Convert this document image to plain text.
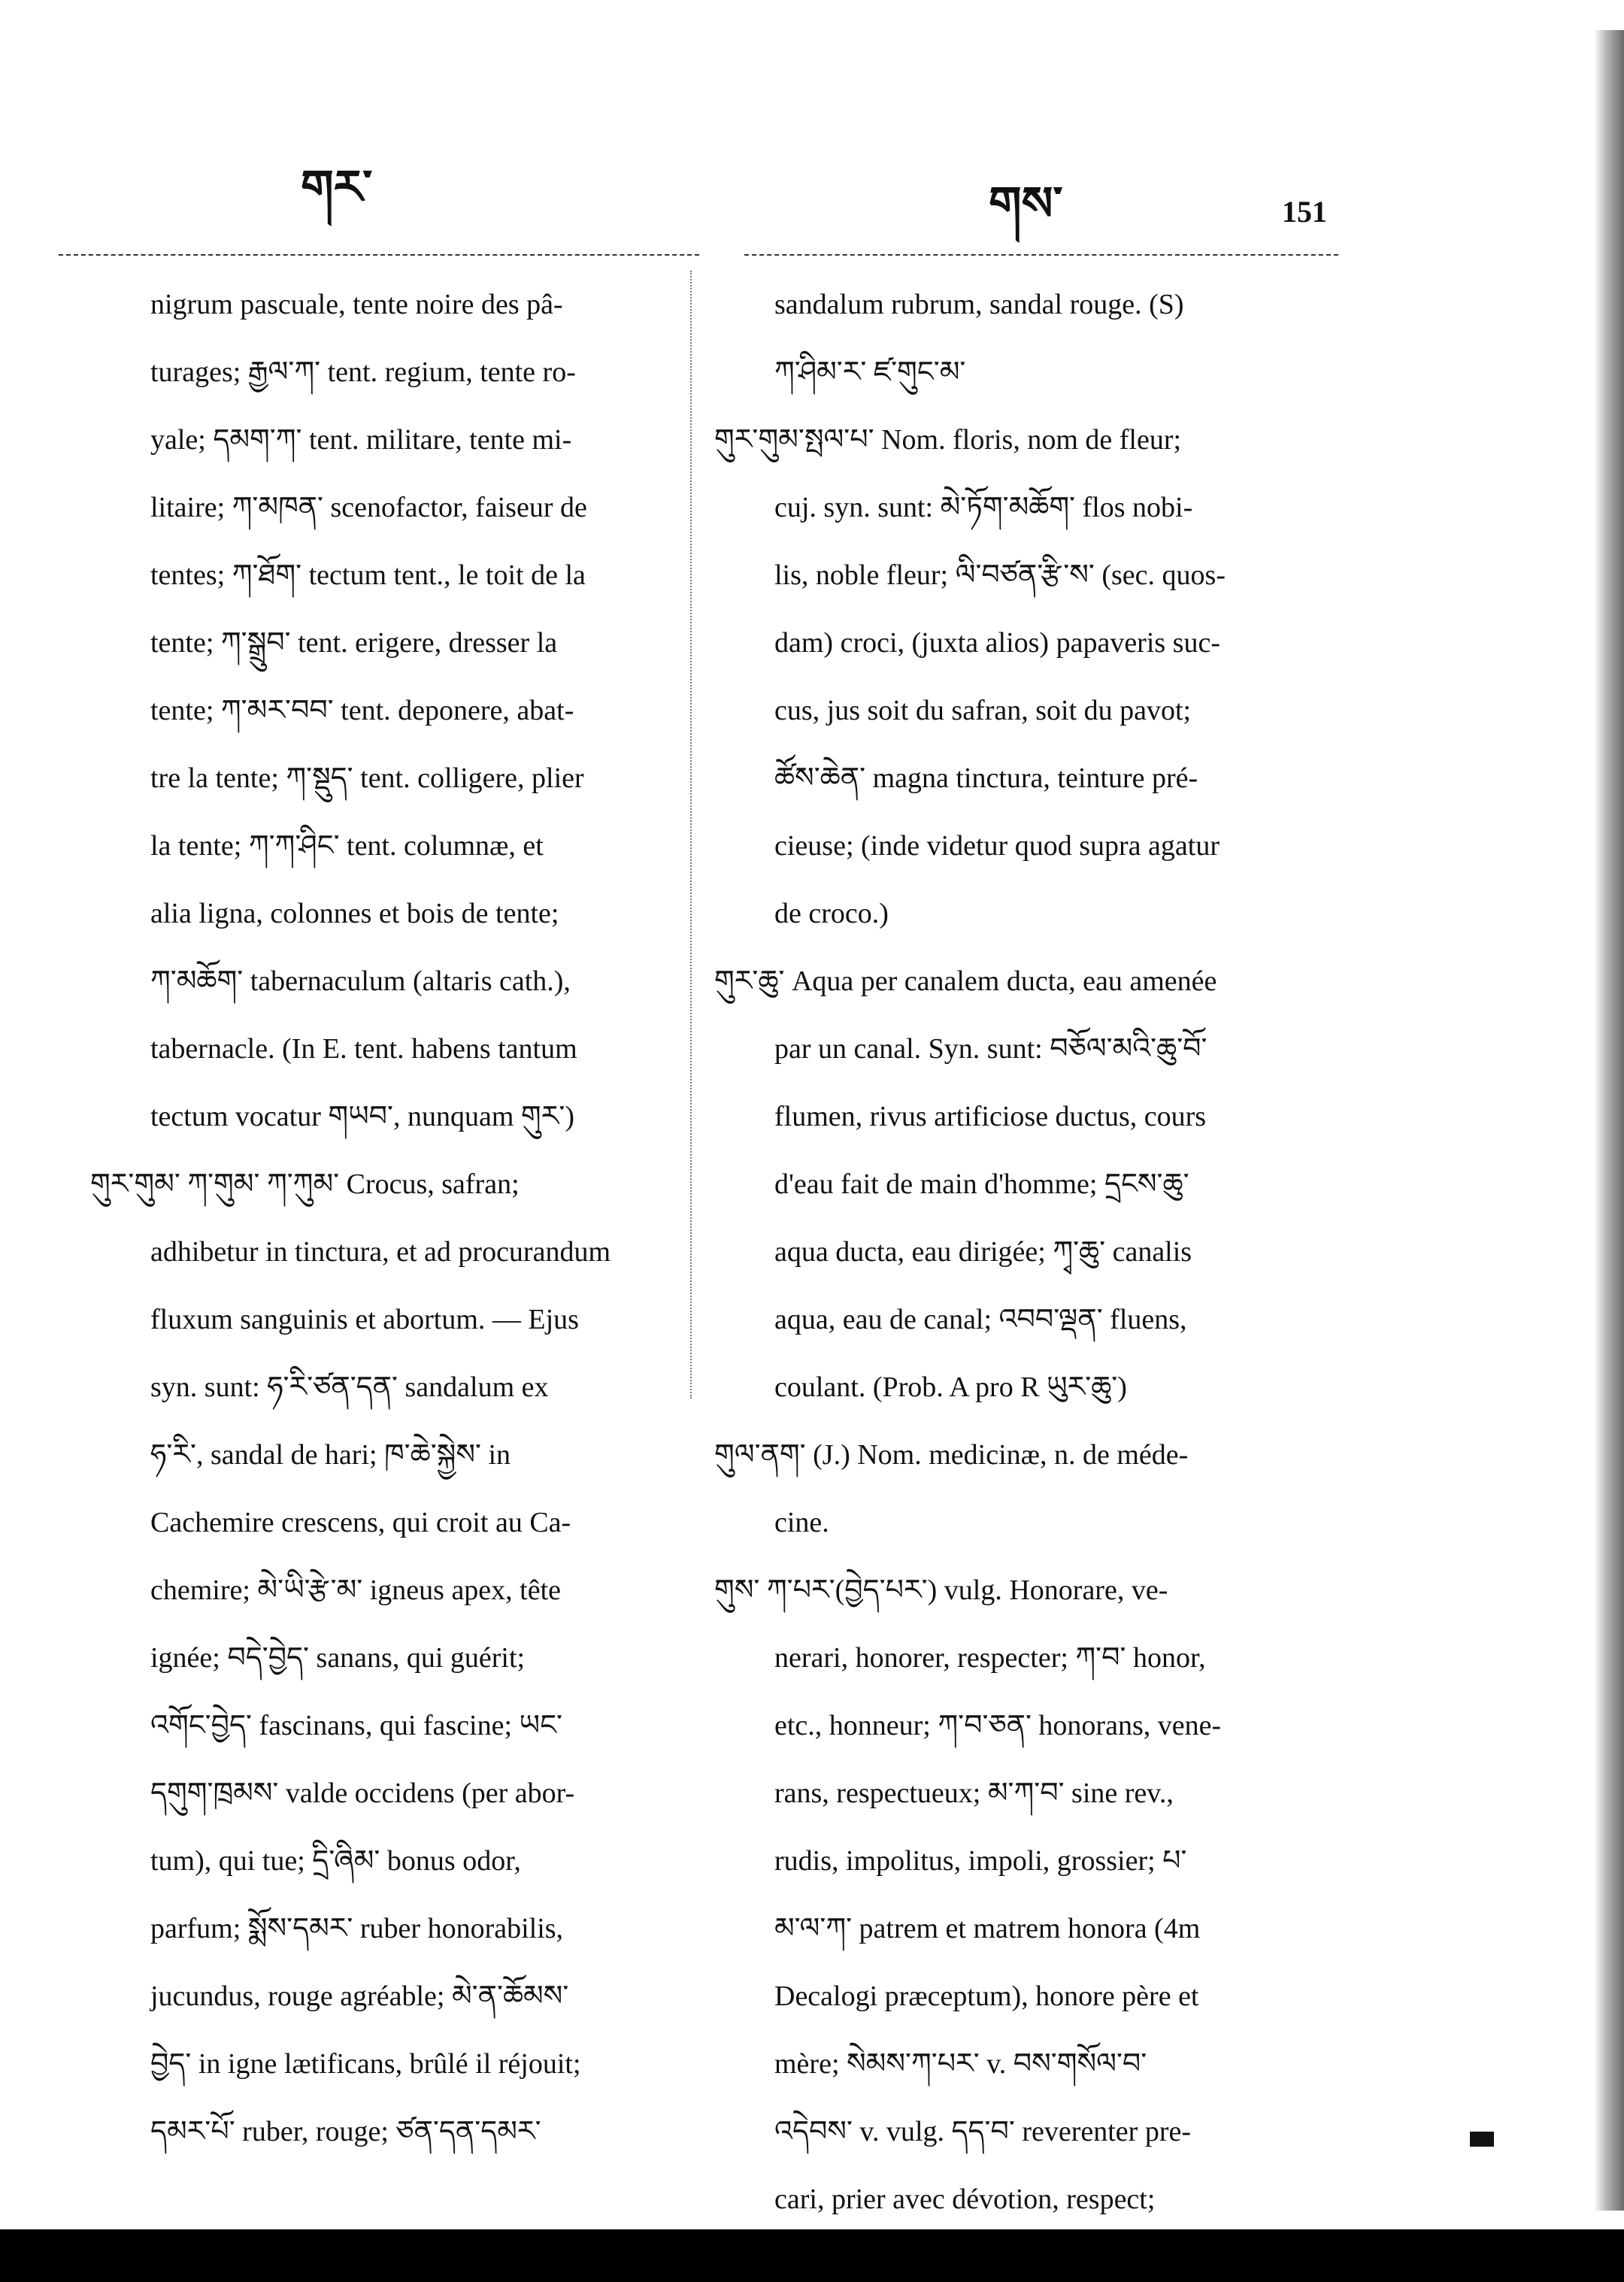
གར་	གས་	151
nigrum pascuale, tente noire des pâ-
turages; རྒྱལ་ཀ་ tent. regium, tente ro-
yale; དམག་ཀ་ tent. militare, tente mi-
litaire; ཀ་མཁན་ scenofactor, faiseur de
tentes; ཀ་ཐོག་ tectum tent., le toit de la
tente; ཀ་སྒྲུབ་ tent. erigere, dresser la
tente; ཀ་མར་བབ་ tent. deponere, abat-
tre la tente; ཀ་སྡུད་ tent. colligere, plier
la tente; ཀ་ཀ་ཤིང་ tent. columnæ, et
alia ligna, colonnes et bois de tente;
ཀ་མཆོག་ tabernaculum (altaris cath.),
tabernacle. (In E. tent. habens tantum
tectum vocatur གཡབ་, nunquam གུར་)
གུར་གུམ་ ཀ་གུམ་ ཀ་ཀུམ་ Crocus, safran;
adhibetur in tinctura, et ad procurandum
fluxum sanguinis et abortum. — Ejus
syn. sunt: ཧ་རི་ཙན་དན་ sandalum ex
ཧ་རི་, sandal de hari; ཁ་ཆེ་སྐྱེས་ in
Cachemire crescens, qui croit au Ca-
chemire; མེ་ཡི་རྩེ་མ་ igneus apex, tête
ignée; བདེ་བྱེད་ sanans, qui guérit;
འགོང་བྱེད་ fascinans, qui fascine; ཡང་
དགུག་ཁྲམས་ valde occidens (per abor-
tum), qui tue; དྲི་ཞིམ་ bonus odor,
parfum; སྨོས་དམར་ ruber honorabilis,
jucundus, rouge agréable; མེ་ན་ཆོམས་
བྱེད་ in igne lætificans, brûlé il réjouit;
དམར་པོ་ ruber, rouge; ཙན་དན་དམར་
sandalum rubrum, sandal rouge. (S)
ཀ་ཤིམ་ར་ ཛ་གུང་མ་
གུར་གུམ་སྤལ་པ་ Nom. floris, nom de fleur;
cuj. syn. sunt: མེ་ཏོག་མཆོག་ flos nobi-
lis, noble fleur; ལི་བཙན་རྩི་ས་ (sec. quos-
dam) croci, (juxta alios) papaveris suc-
cus, jus soit du safran, soit du pavot;
ཚོས་ཆེན་ magna tinctura, teinture pré-
cieuse; (inde videtur quod supra agatur
de croco.)
གུར་ཆུ་ Aqua per canalem ducta, eau amenée
par un canal. Syn. sunt: བཅོལ་མའི་ཆུ་བོ་
flumen, rivus artificiose ductus, cours
d'eau fait de main d'homme; དྲངས་ཆུ་
aqua ducta, eau dirigée; ཀྭ་ཆུ་ canalis
aqua, eau de canal; འབབ་ལྡན་ fluens,
coulant. (Prob. A pro R ཡུར་ཆུ་)
གུལ་ནག་ (J.) Nom. medicinæ, n. de méde-
cine.
གུས་ ཀ་པར་(བྱེད་པར་) vulg. Honorare, ve-
nerari, honorer, respecter; ཀ་བ་ honor,
etc., honneur; ཀ་བ་ཅན་ honorans, vene-
rans, respectueux; མ་ཀ་བ་ sine rev.,
rudis, impolitus, impoli, grossier; པ་
མ་ལ་ཀ་ patrem et matrem honora (4m
Decalogi præceptum), honore père et
mère; སེམས་ཀ་པར་ v. བས་གསོལ་བ་
འདེབས་ v. vulg. དད་བ་ reverenter pre-
cari, prier avec dévotion, respect;
